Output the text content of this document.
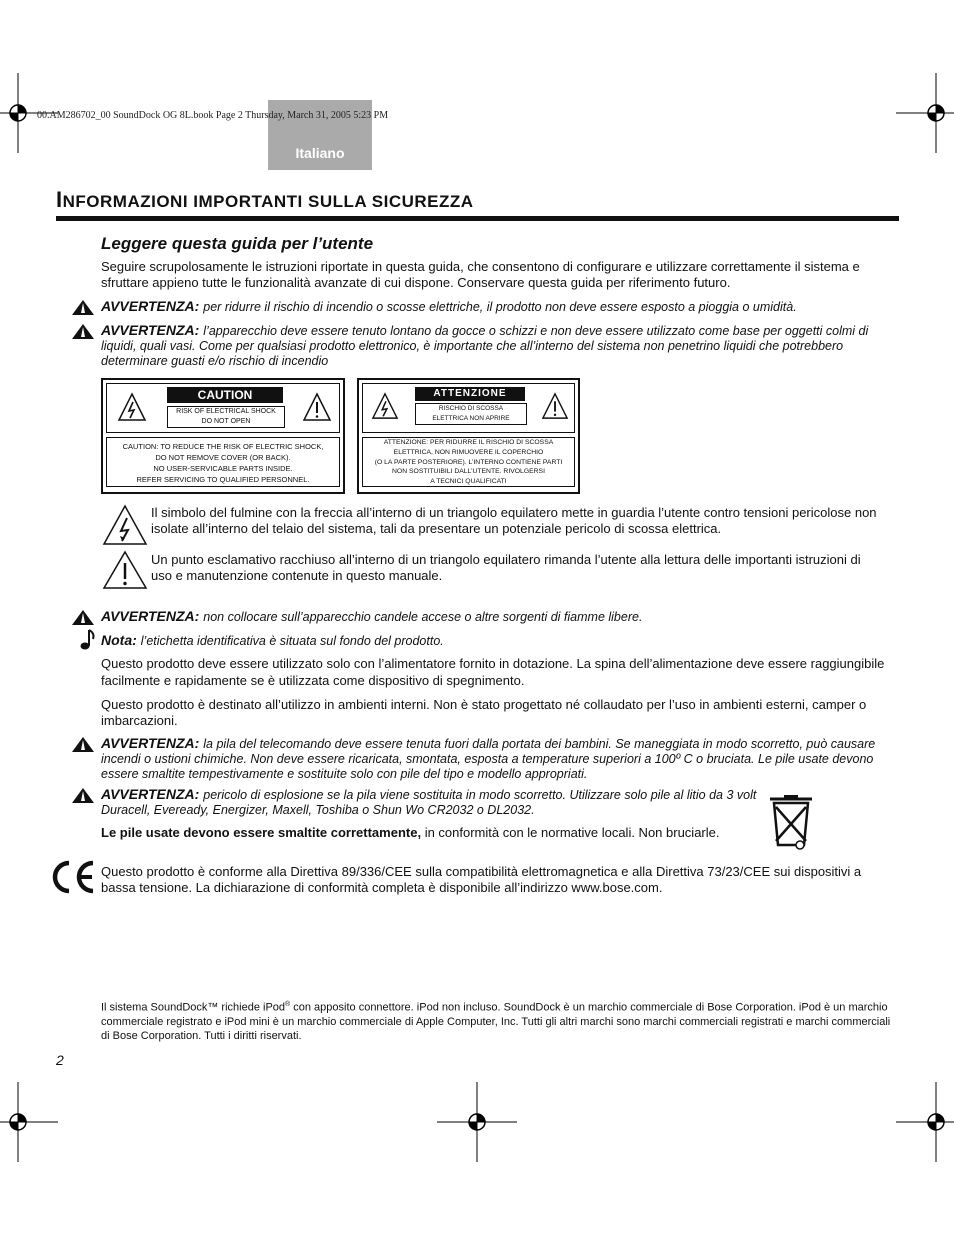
Italiano
00.AM286702_00 SoundDock OG 8L.book Page 2 Thursday, March 31, 2005 5:23 PM
INFORMAZIONI IMPORTANTI SULLA SICUREZZA
Leggere questa guida per l’utente
Seguire scrupolosamente le istruzioni riportate in questa guida, che consentono di configurare e utilizzare correttamente il sistema e sfruttare appieno tutte le funzionalità avanzate di cui dispone. Conservare questa guida per riferimento futuro.
AVVERTENZA: per ridurre il rischio di incendio o scosse elettriche, il prodotto non deve essere esposto a pioggia o umidità.
AVVERTENZA: l’apparecchio deve essere tenuto lontano da gocce o schizzi e non deve essere utilizzato come base per oggetti colmi di liquidi, quali vasi. Come per qualsiasi prodotto elettronico, è importante che all’interno del sistema non penetrino liquidi che potrebbero determinare guasti e/o rischio di incendio
CAUTION
RISK OF ELECTRICAL SHOCK
DO NOT OPEN
CAUTION: TO REDUCE THE RISK OF ELECTRIC SHOCK,
DO NOT REMOVE COVER (OR BACK).
NO USER-SERVICABLE PARTS INSIDE.
REFER SERVICING TO QUALIFIED PERSONNEL.
ATTENZIONE
RISCHIO DI SCOSSA
ELETTRICA NON APRIRE
ATTENZIONE: PER RIDURRE IL RISCHIO DI SCOSSA
ELETTRICA, NON RIMUOVERE IL COPERCHIO
(O LA PARTE POSTERIORE). L’INTERNO CONTIENE PARTI
NON SOSTITUIBILI DALL’UTENTE. RIVOLGERSI
A TECNICI QUALIFICATI
Il simbolo del fulmine con la freccia all’interno di un triangolo equilatero mette in guardia l’utente contro tensioni pericolose non isolate all’interno del telaio del sistema, tali da presentare un potenziale pericolo di scossa elettrica.
Un punto esclamativo racchiuso all’interno di un triangolo equilatero rimanda l’utente alla lettura delle importanti istruzioni di uso e manutenzione contenute in questo manuale.
AVVERTENZA: non collocare sull’apparecchio candele accese o altre sorgenti di fiamme libere.
Nota: l’etichetta identificativa è situata sul fondo del prodotto.
Questo prodotto deve essere utilizzato solo con l’alimentatore fornito in dotazione. La spina dell’alimentazione deve essere raggiungibile facilmente e rapidamente se è utilizzata come dispositivo di spegnimento.
Questo prodotto è destinato all’utilizzo in ambienti interni. Non è stato progettato né collaudato per l’uso in ambienti esterni, camper o imbarcazioni.
AVVERTENZA: la pila del telecomando deve essere tenuta fuori dalla portata dei bambini. Se maneggiata in modo scorretto, può causare incendi o ustioni chimiche. Non deve essere ricaricata, smontata, esposta a temperature superiori a 100º C o bruciata. Le pile usate devono essere smaltite tempestivamente e sostituite solo con pile del tipo e modello appropriati.
AVVERTENZA: pericolo di esplosione se la pila viene sostituita in modo scorretto. Utilizzare solo pile al litio da 3 volt Duracell, Eveready, Energizer, Maxell, Toshiba o Shun Wo CR2032 o DL2032.
Le pile usate devono essere smaltite correttamente, in conformità con le normative locali. Non bruciarle.
Questo prodotto è conforme alla Direttiva 89/336/CEE sulla compatibilità elettromagnetica e alla Direttiva 73/23/CEE sui dispositivi a bassa tensione. La dichiarazione di conformità completa è disponibile all’indirizzo www.bose.com.
Il sistema SoundDock™ richiede iPod® con apposito connettore. iPod non incluso. SoundDock è un marchio commerciale di Bose Corporation. iPod è un marchio commerciale registrato e iPod mini è un marchio commerciale di Apple Computer, Inc. Tutti gli altri marchi sono marchi commerciali registrati e marchi commerciali di Bose Corporation. Tutti i diritti riservati.
2
